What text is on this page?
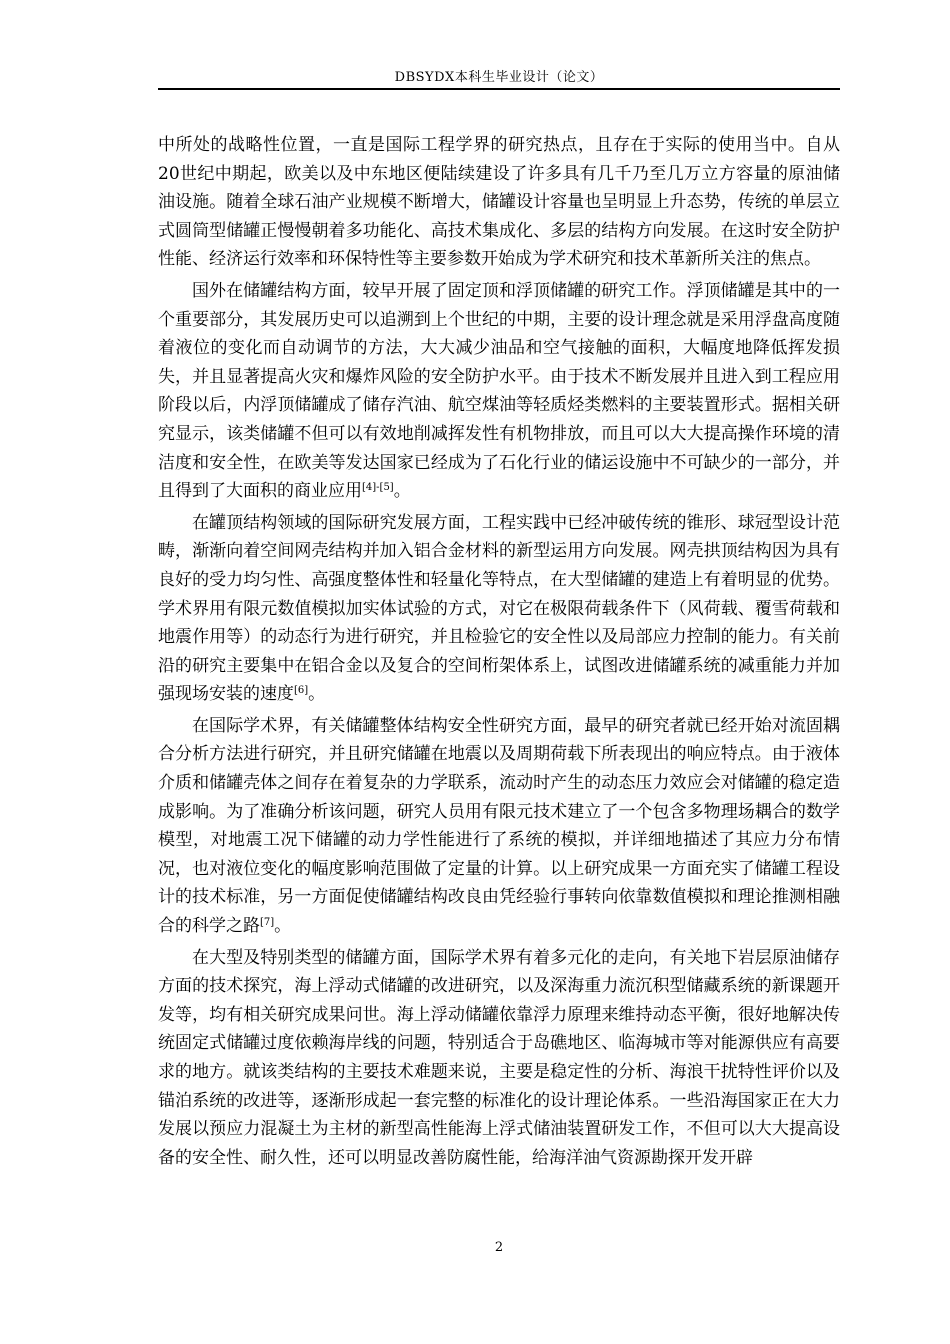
DBSYDX本科生毕业设计（论文）

中所处的战略性位置，一直是国际工程学界的研究热点，且存在于实际的使用当中。自从20世纪中期起，欧美以及中东地区便陆续建设了许多具有几千乃至几万立方容量的原油储油设施。随着全球石油产业规模不断增大，储罐设计容量也呈明显上升态势，传统的单层立式圆筒型储罐正慢慢朝着多功能化、高技术集成化、多层的结构方向发展。在这时安全防护性能、经济运行效率和环保特性等主要参数开始成为学术研究和技术革新所关注的焦点。

国外在储罐结构方面，较早开展了固定顶和浮顶储罐的研究工作。浮顶储罐是其中的一个重要部分，其发展历史可以追溯到上个世纪的中期，主要的设计理念就是采用浮盘高度随着液位的变化而自动调节的方法，大大减少油品和空气接触的面积，大幅度地降低挥发损失，并且显著提高火灾和爆炸风险的安全防护水平。由于技术不断发展并且进入到工程应用阶段以后，内浮顶储罐成了储存汽油、航空煤油等轻质烃类燃料的主要装置形式。据相关研究显示，该类储罐不但可以有效地削减挥发性有机物排放，而且可以大大提高操作环境的清洁度和安全性，在欧美等发达国家已经成为了石化行业的储运设施中不可缺少的一部分，并且得到了大面积的商业应用[4]-[5]。

在罐顶结构领域的国际研究发展方面，工程实践中已经冲破传统的锥形、球冠型设计范畴，渐渐向着空间网壳结构并加入铝合金材料的新型运用方向发展。网壳拱顶结构因为具有良好的受力均匀性、高强度整体性和轻量化等特点，在大型储罐的建造上有着明显的优势。学术界用有限元数值模拟加实体试验的方式，对它在极限荷载条件下（风荷载、覆雪荷载和地震作用等）的动态行为进行研究，并且检验它的安全性以及局部应力控制的能力。有关前沿的研究主要集中在铝合金以及复合的空间桁架体系上，试图改进储罐系统的减重能力并加强现场安装的速度[6]。

在国际学术界，有关储罐整体结构安全性研究方面，最早的研究者就已经开始对流固耦合分析方法进行研究，并且研究储罐在地震以及周期荷载下所表现出的响应特点。由于液体介质和储罐壳体之间存在着复杂的力学联系，流动时产生的动态压力效应会对储罐的稳定造成影响。为了准确分析该问题，研究人员用有限元技术建立了一个包含多物理场耦合的数学模型，对地震工况下储罐的动力学性能进行了系统的模拟，并详细地描述了其应力分布情况，也对液位变化的幅度影响范围做了定量的计算。以上研究成果一方面充实了储罐工程设计的技术标准，另一方面促使储罐结构改良由凭经验行事转向依靠数值模拟和理论推测相融合的科学之路[7]。

在大型及特别类型的储罐方面，国际学术界有着多元化的走向，有关地下岩层原油储存方面的技术探究，海上浮动式储罐的改进研究，以及深海重力流沉积型储藏系统的新课题开发等，均有相关研究成果问世。海上浮动储罐依靠浮力原理来维持动态平衡，很好地解决传统固定式储罐过度依赖海岸线的问题，特别适合于岛礁地区、临海城市等对能源供应有高要求的地方。就该类结构的主要技术难题来说，主要是稳定性的分析、海浪干扰特性评价以及锚泊系统的改进等，逐渐形成起一套完整的标准化的设计理论体系。一些沿海国家正在大力发展以预应力混凝土为主材的新型高性能海上浮式储油装置研发工作，不但可以大大提高设备的安全性、耐久性，还可以明显改善防腐性能，给海洋油气资源勘探开发开辟

2
